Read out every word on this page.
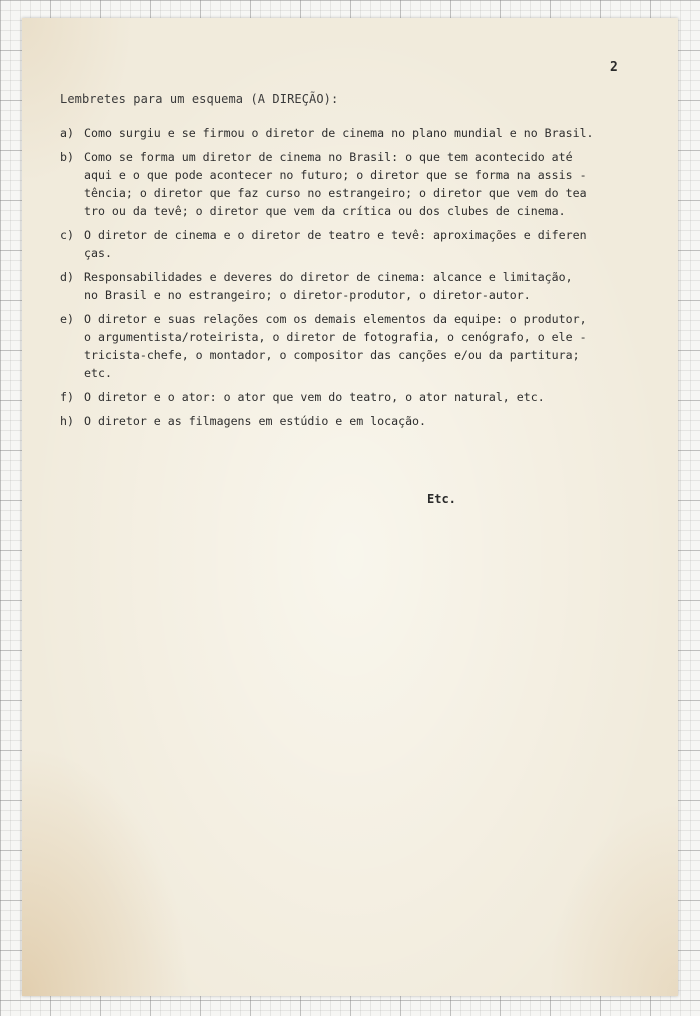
2
Lembretes para um esquema (A DIREÇÃO):
a) Como surgiu e se firmou o diretor de cinema no plano mundial e no Brasil.
b) Como se forma um diretor de cinema no Brasil: o que tem acontecido até
aqui e o que pode acontecer no futuro; o diretor que se forma na assis -
tência; o diretor que faz curso no estrangeiro; o diretor que vem do tea
tro ou da tevê; o diretor que vem da crítica ou dos clubes de cinema.
c) O diretor de cinema e o diretor de teatro e tevê: aproximações e diferen
ças.
d) Responsabilidades e deveres do diretor de cinema: alcance e limitação,
no Brasil e no estrangeiro; o diretor-produtor, o diretor-autor.
e) O diretor e suas relações com os demais elementos da equipe: o produtor,
o argumentista/roteirista, o diretor de fotografia, o cenógrafo, o ele -
tricista-chefe, o montador, o compositor das canções e/ou da partitura;
etc.
f) O diretor e o ator: o ator que vem do teatro, o ator natural, etc.
h) O diretor e as filmagens em estúdio e em locação.
Etc.
